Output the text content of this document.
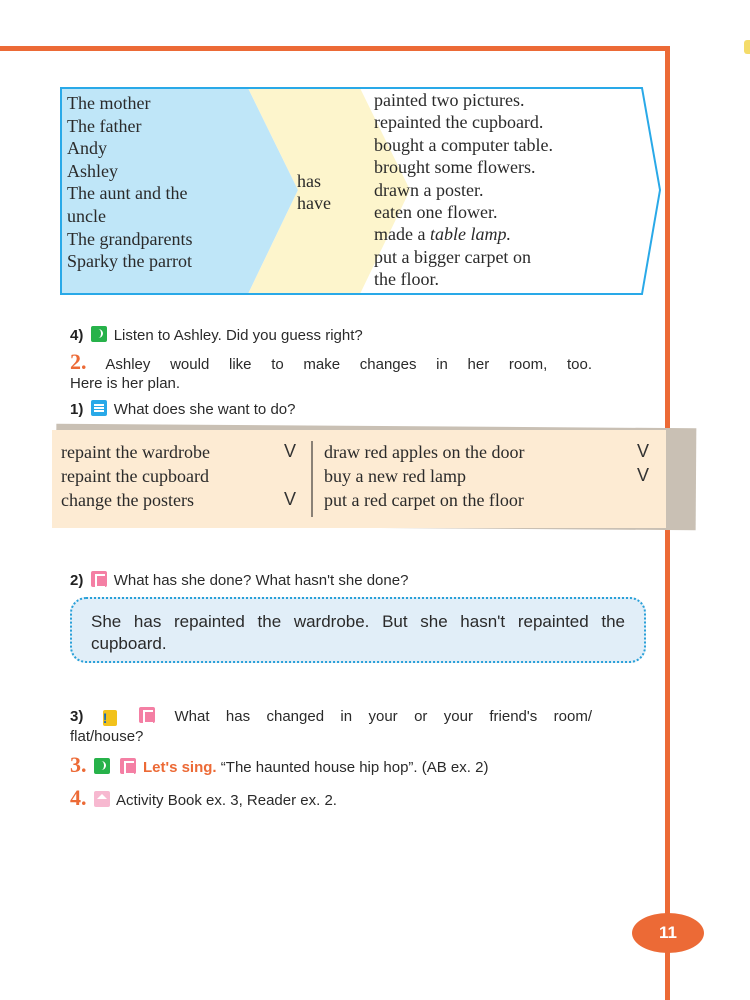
The mother
The father
Andy
Ashley
The aunt and the
uncle
The grandparents
Sparky the parrot
has
have
painted two pictures.
repainted the cupboard.
bought a computer table.
brought some flowers.
drawn a poster.
eaten one flower.
made a table lamp.
put a bigger carpet on
the floor.
4) Listen to Ashley. Did you guess right?
2. Ashley would like to make changes in her room, too.
Here is her plan.
1) What does she want to do?
repaint the wardrobe
repaint the cupboard
change the posters
V
V
draw red apples on the door
buy a new red lamp
put a red carpet on the floor
V
V
2) What has she done? What hasn't she done?
She has repainted the wardrobe. But she hasn't repainted the cupboard.
3) !	What has changed in your or your friend's room/
flat/house?
3.	Let's sing. “The haunted house hip hop”. (AB ex. 2)
4. Activity Book ex. 3, Reader ex. 2.
11
